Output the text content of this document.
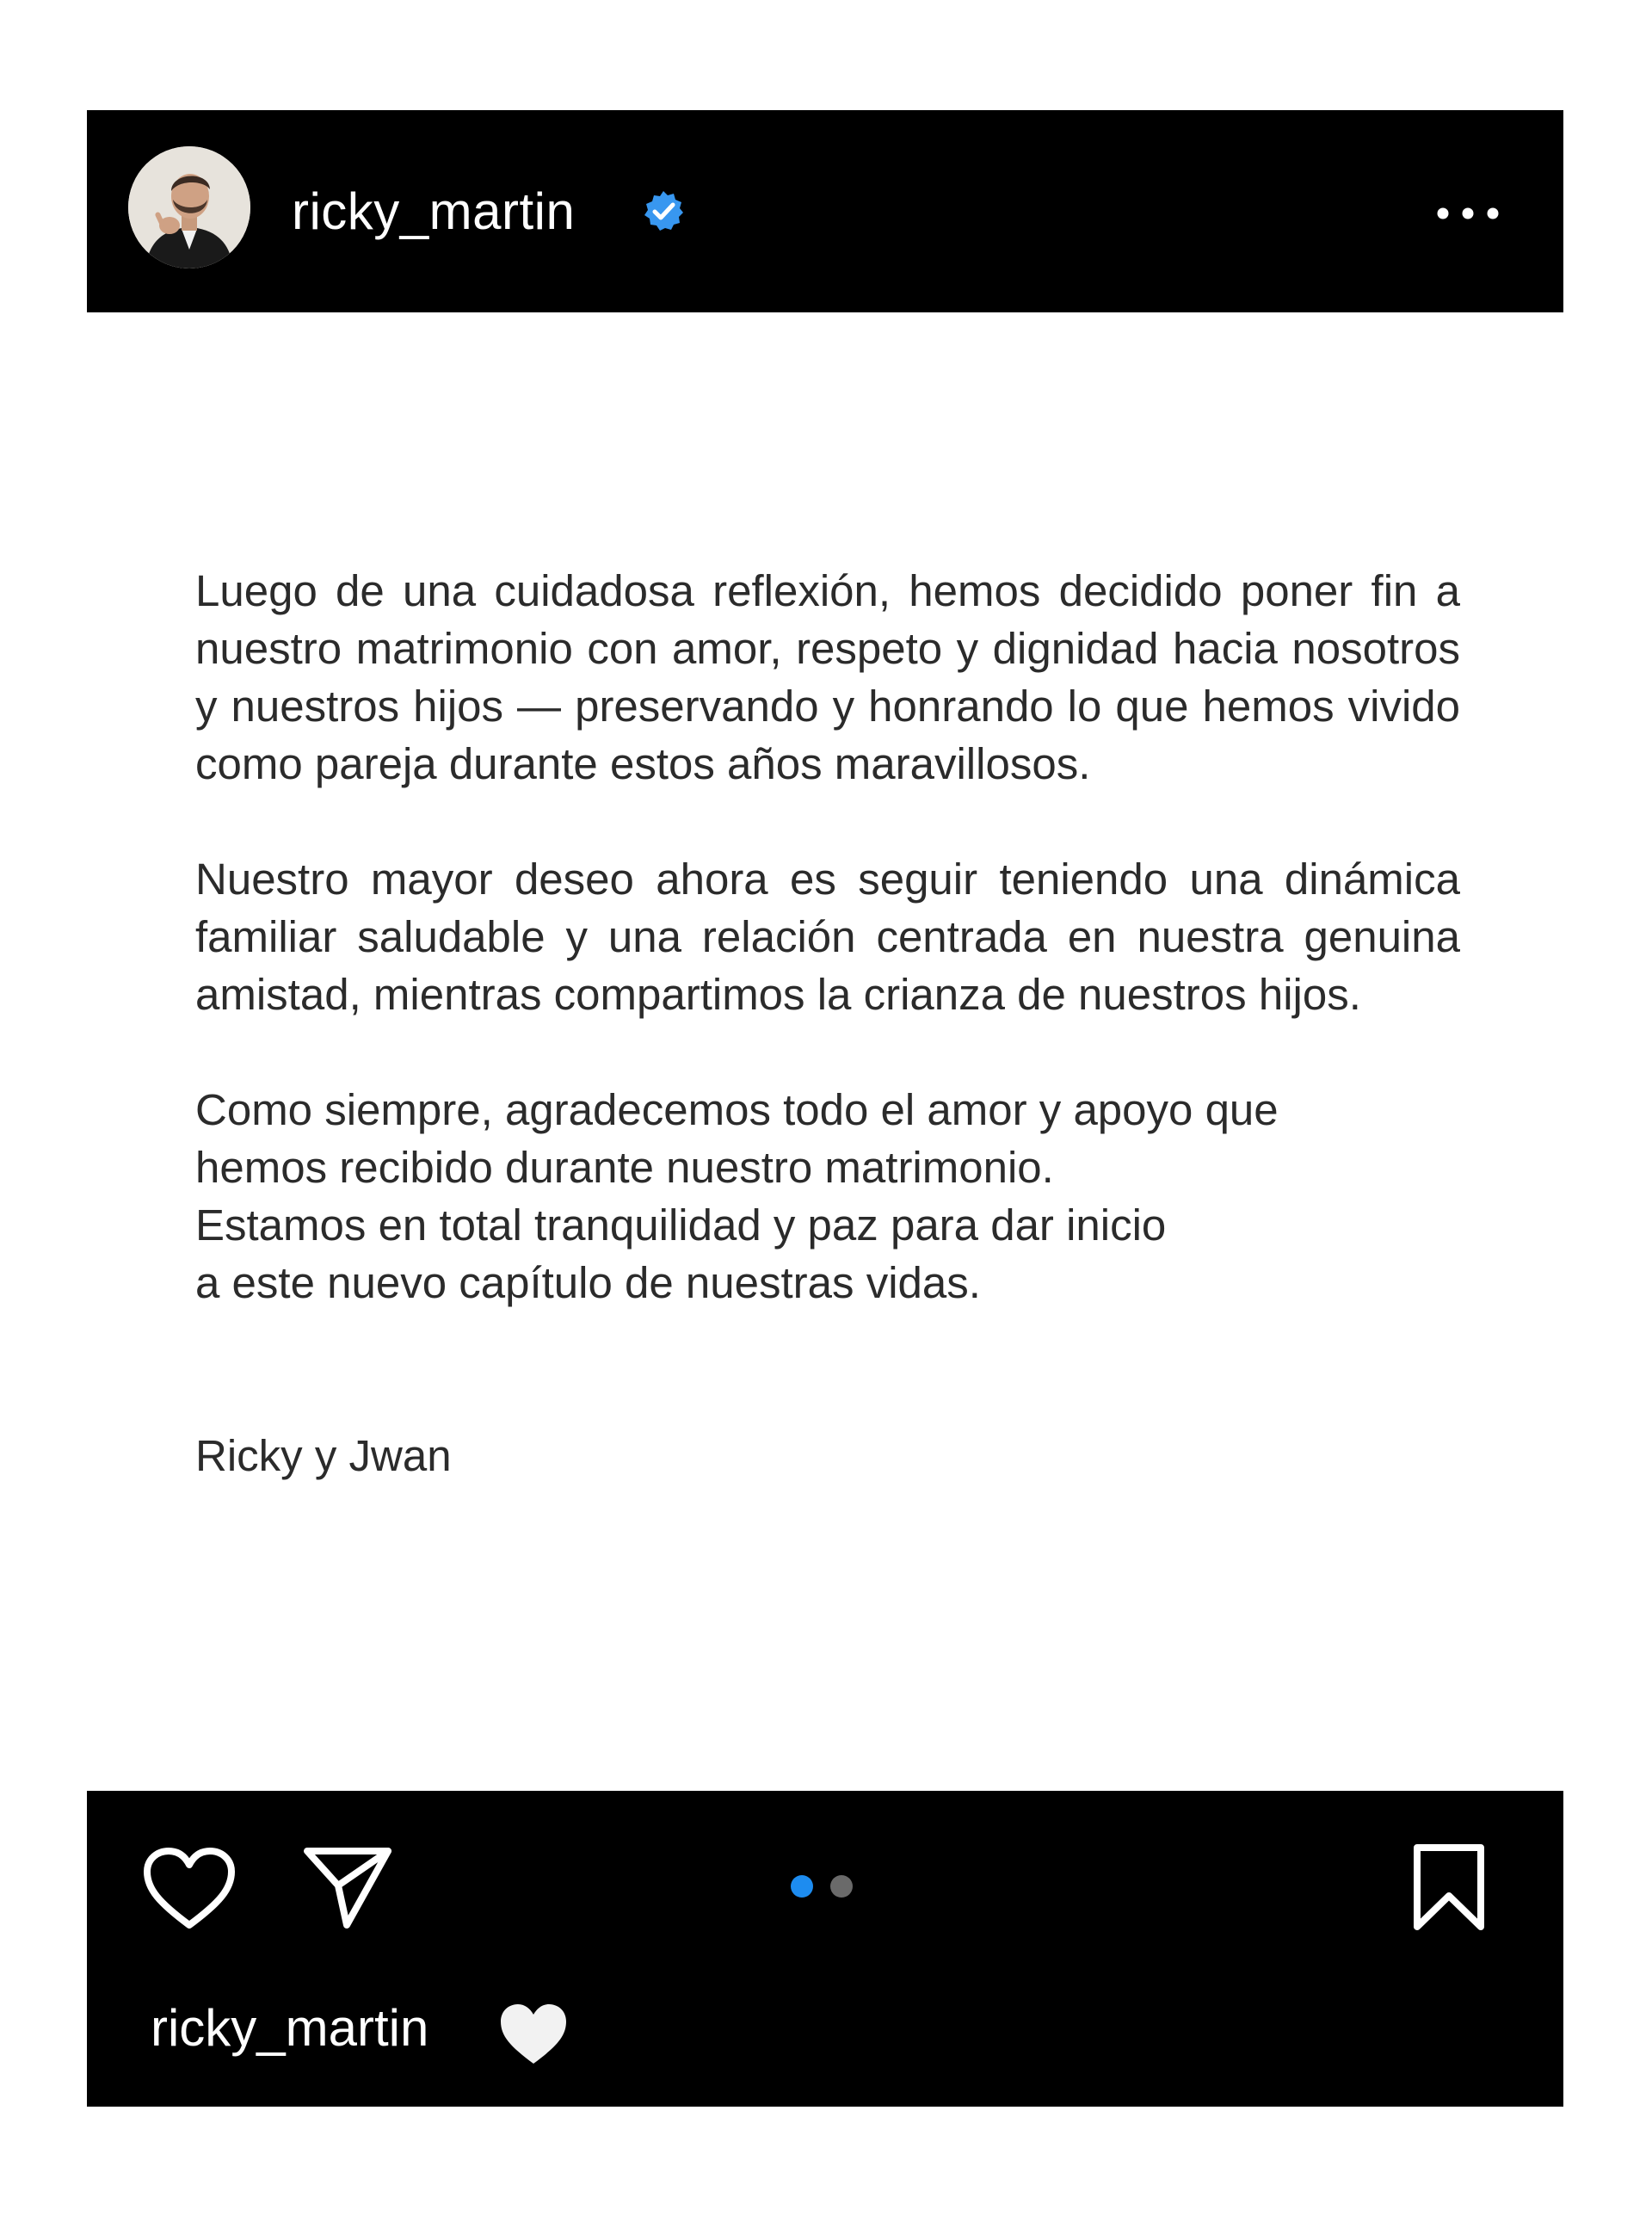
ricky_martin

Luego de una cuidadosa reflexión, hemos decidido poner fin a nuestro matrimonio con amor, respeto y dignidad hacia nosotros y nuestros hijos — preservando y honrando lo que hemos vivido como pareja durante estos años maravillosos.

Nuestro mayor deseo ahora es seguir teniendo una dinámica familiar saludable y una relación centrada en nuestra genuina amistad, mientras compartimos la crianza de nuestros hijos.

Como siempre, agradecemos todo el amor y apoyo que

hemos recibido durante nuestro matrimonio.

Estamos en total tranquilidad y paz para dar inicio

a este nuevo capítulo de nuestras vidas.

Ricky y Jwan

ricky_martin
